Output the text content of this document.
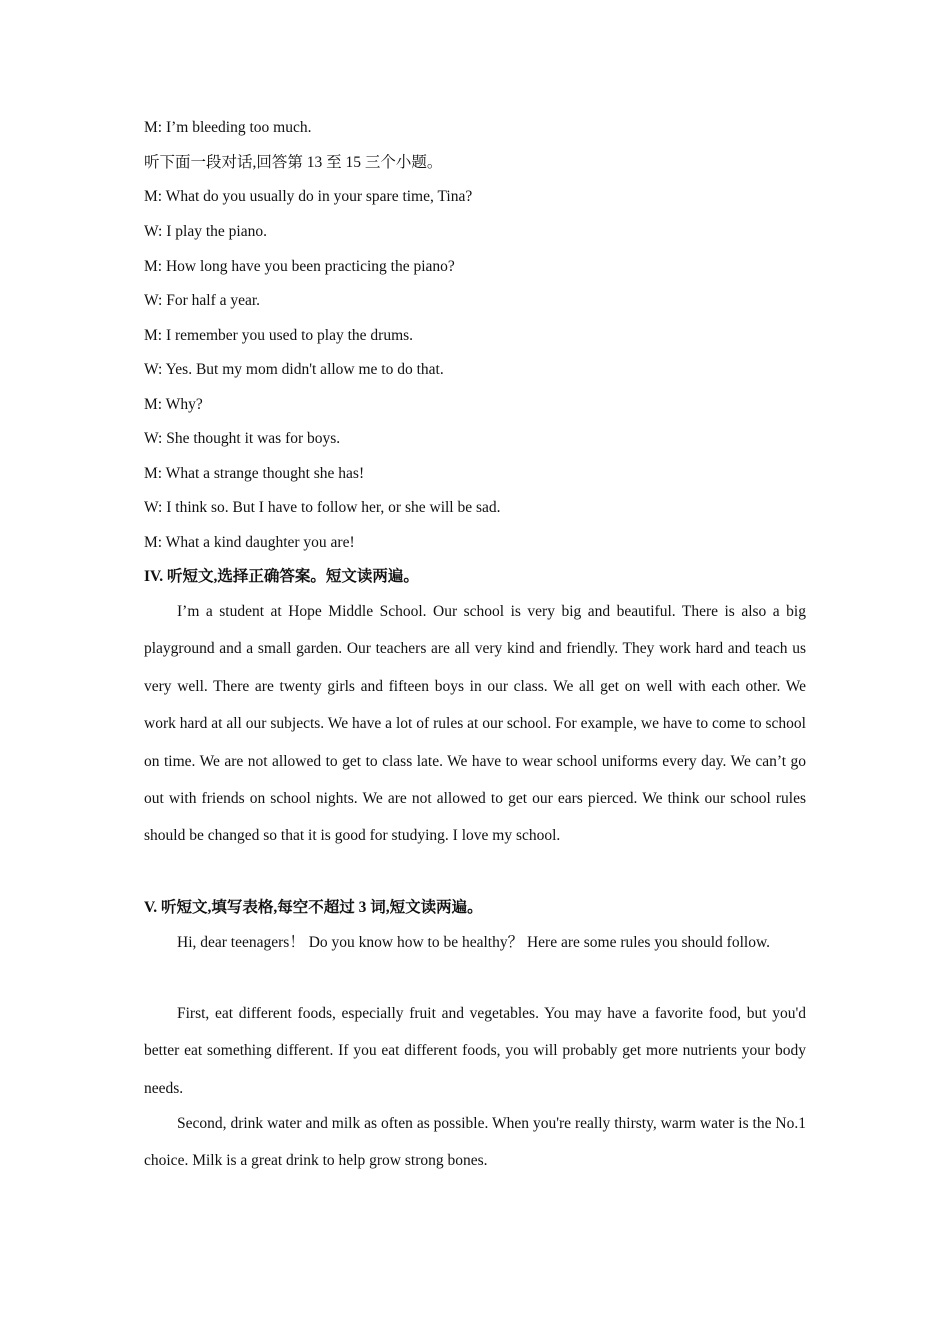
M: I’m bleeding too much.
听下面一段对话,回答第 13 至 15 三个小题。
M: What do you usually do in your spare time, Tina?
W: I play the piano.
M: How long have you been practicing the piano?
W: For half a year.
M: I remember you used to play the drums.
W: Yes. But my mom didn't allow me to do that.
M: Why?
W: She thought it was for boys.
M: What a strange thought she has!
W: I think so. But I have to follow her, or she will be sad.
M: What a kind daughter you are!
IV. 听短文,选择正确答案。短文读两遍。
I’m a student at Hope Middle School. Our school is very big and beautiful. There is also a big playground and a small garden. Our teachers are all very kind and friendly. They work hard and teach us very well. There are twenty girls and fifteen boys in our class. We all get on well with each other. We work hard at all our subjects. We have a lot of rules at our school. For example, we have to come to school on time. We are not allowed to get to class late. We have to wear school uniforms every day. We can’t go out with friends on school nights. We are not allowed to get our ears pierced. We think our school rules should be changed so that it is good for studying. I love my school.
V. 听短文,填写表格,每空不超过 3 词,短文读两遍。
Hi, dear teenagers！ Do you know how to be healthy？ Here are some rules you should follow.
First, eat different foods, especially fruit and vegetables. You may have a favorite food, but you'd better eat something different. If you eat different foods, you will probably get more nutrients your body needs.
Second, drink water and milk as often as possible. When you're really thirsty, warm water is the No.1 choice. Milk is a great drink to help grow strong bones.
